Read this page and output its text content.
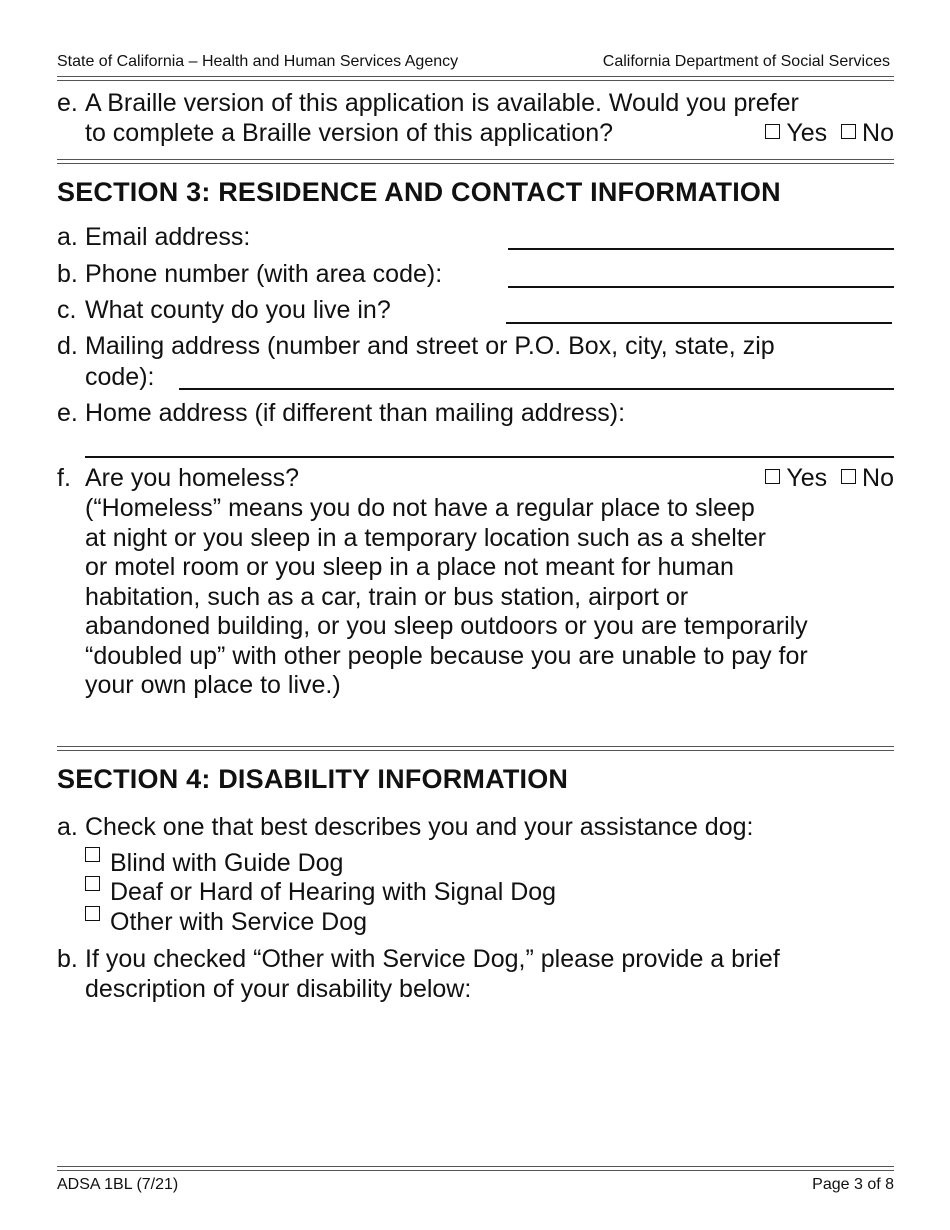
State of California – Health and Human Services Agency	California Department of Social Services
e. A Braille version of this application is available. Would you prefer
to complete a Braille version of this application?	Yes No
SECTION 3: RESIDENCE AND CONTACT INFORMATION
a. Email address:
b. Phone number (with area code):
c. What county do you live in?
d. Mailing address (number and street or P.O. Box, city, state, zip
code):
e. Home address (if different than mailing address):
f. Are you homeless?	Yes No
(“Homeless” means you do not have a regular place to sleep
at night or you sleep in a temporary location such as a shelter
or motel room or you sleep in a place not meant for human
habitation, such as a car, train or bus station, airport or
abandoned building, or you sleep outdoors or you are temporarily
“doubled up” with other people because you are unable to pay for
your own place to live.)
SECTION 4: DISABILITY INFORMATION
a. Check one that best describes you and your assistance dog:
Blind with Guide Dog
Deaf or Hard of Hearing with Signal Dog
Other with Service Dog
b. If you checked “Other with Service Dog,” please provide a brief
description of your disability below:
ADSA 1BL (7/21)	Page 3 of 8
